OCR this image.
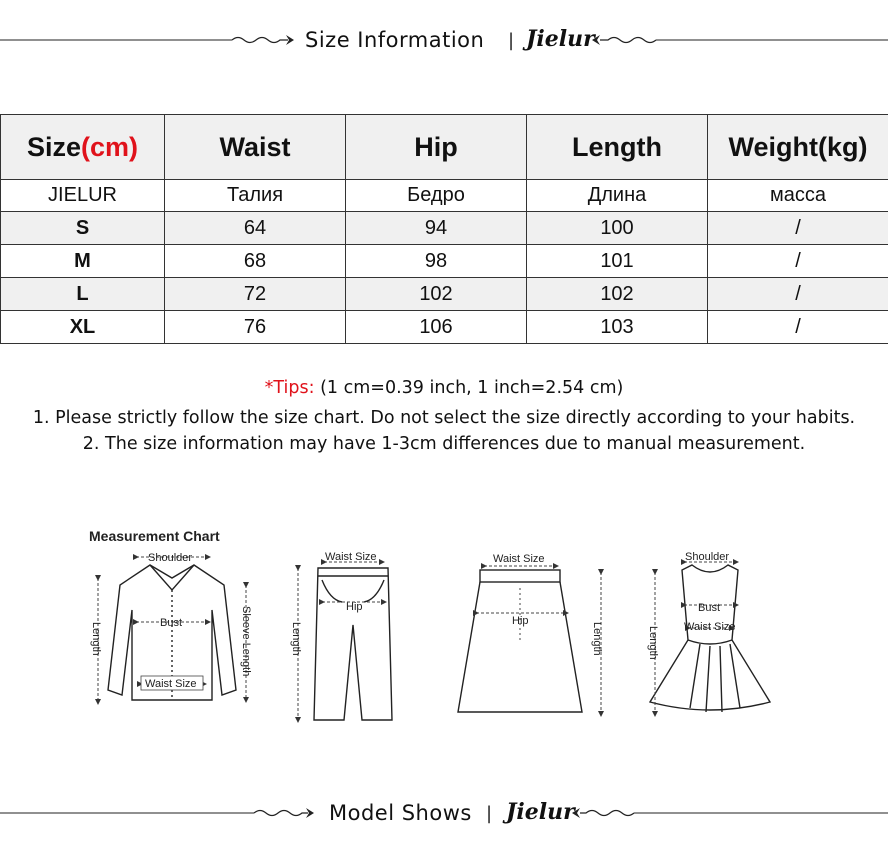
Size Information | Jielur
Size(cm)	Waist	Hip	Length	Weight(kg)
JIELUR	Талия	Бедро	Длина	масса
S	64	94	100	/
M	68	98	101	/
L	72	102	102	/
XL	76	106	103	/
*Tips: (1 cm=0.39 inch, 1 inch=2.54 cm)
1. Please strictly follow the size chart. Do not select the size directly according to your habits.
2. The size information may have 1-3cm differences due to manual measurement.
Measurement Chart
Shoulder
Bust
Waist Size
Length	Sleeve Length
Waist Size
Hip
Length
Waist Size
Hip
Length
Shoulder
Bust
Waist Size
Length
Model Shows | Jielur
